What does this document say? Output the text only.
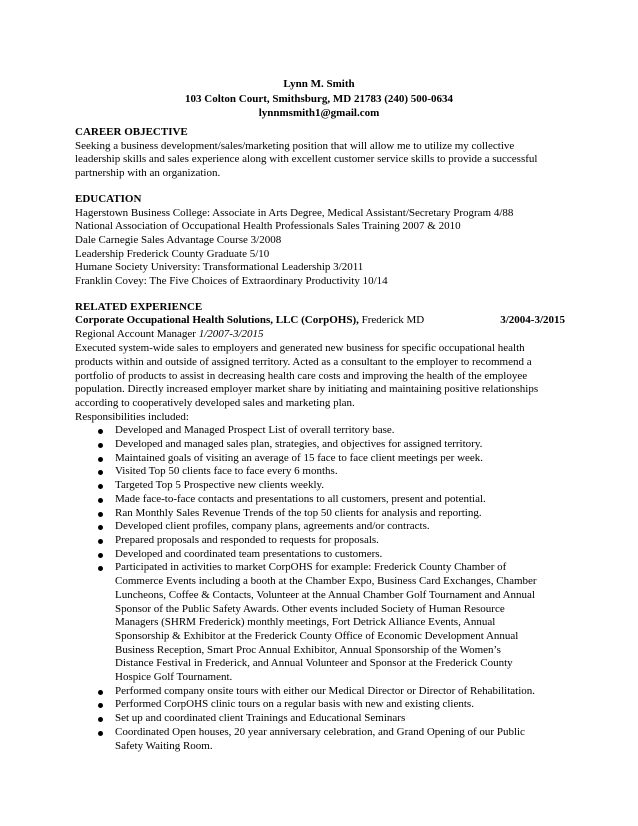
Lynn M. Smith
103 Colton Court, Smithsburg, MD 21783 (240) 500-0634
lynnmsmith1@gmail.com
CAREER OBJECTIVE
Seeking a business development/sales/marketing position that will allow me to utilize my collective
leadership skills and sales experience along with excellent customer service skills to provide a successful
partnership with an organization.
EDUCATION
Hagerstown Business College: Associate in Arts Degree, Medical Assistant/Secretary Program 4/88
National Association of Occupational Health Professionals Sales Training 2007 & 2010
Dale Carnegie Sales Advantage Course 3/2008
Leadership Frederick County Graduate 5/10
Humane Society University: Transformational Leadership 3/2011
Franklin Covey: The Five Choices of Extraordinary Productivity 10/14
RELATED EXPERIENCE
Corporate Occupational Health Solutions, LLC (CorpOHS), Frederick MD	3/2004-3/2015
Regional Account Manager 1/2007-3/2015
Executed system-wide sales to employers and generated new business for specific occupational health
products within and outside of assigned territory. Acted as a consultant to the employer to recommend a
portfolio of products to assist in decreasing health care costs and improving the health of the employee
population. Directly increased employer market share by initiating and maintaining positive relationships
according to cooperatively developed sales and marketing plan.
Responsibilities included:
Developed and Managed Prospect List of overall territory base.
Developed and managed sales plan, strategies, and objectives for assigned territory.
Maintained goals of visiting an average of 15 face to face client meetings per week.
Visited Top 50 clients face to face every 6 months.
Targeted Top 5 Prospective new clients weekly.
Made face-to-face contacts and presentations to all customers, present and potential.
Ran Monthly Sales Revenue Trends of the top 50 clients for analysis and reporting.
Developed client profiles, company plans, agreements and/or contracts.
Prepared proposals and responded to requests for proposals.
Developed and coordinated team presentations to customers.
Participated in activities to market CorpOHS for example: Frederick County Chamber of
Commerce Events including a booth at the Chamber Expo, Business Card Exchanges, Chamber
Luncheons, Coffee & Contacts, Volunteer at the Annual Chamber Golf Tournament and Annual
Sponsor of the Public Safety Awards. Other events included Society of Human Resource
Managers (SHRM Frederick) monthly meetings, Fort Detrick Alliance Events, Annual
Sponsorship & Exhibitor at the Frederick County Office of Economic Development Annual
Business Reception, Smart Proc Annual Exhibitor, Annual Sponsorship of the Women’s
Distance Festival in Frederick, and Annual Volunteer and Sponsor at the Frederick County
Hospice Golf Tournament.
Performed company onsite tours with either our Medical Director or Director of Rehabilitation.
Performed CorpOHS clinic tours on a regular basis with new and existing clients.
Set up and coordinated client Trainings and Educational Seminars
Coordinated Open houses, 20 year anniversary celebration, and Grand Opening of our Public
Safety Waiting Room.
